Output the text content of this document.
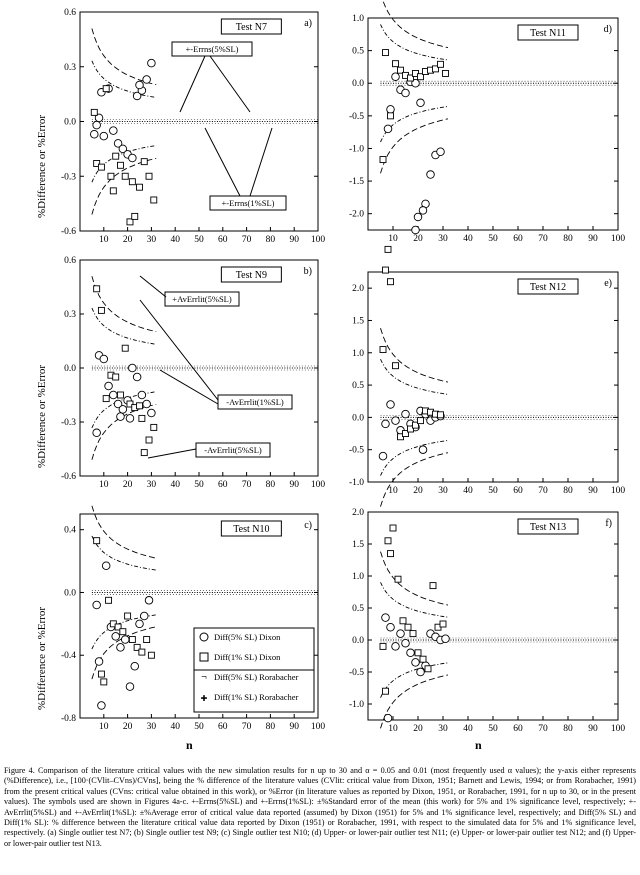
10 20 30 40 50 60 70 80 90 100
0.6
0.3
0.0
-0.3
-0.6
a)
Test N7
+-Errns(5%SL)
+-Errns(1%SL)
10 20 30 40 50 60 70 80 90 100
0.6
0.3
0.0
-0.3
-0.6
b)
Test N9
+AvErrlit(5%SL)
-AvErrlit(1%SL)
-AvErrlit(5%SL)
10 20 30 40 50 60 70 80 90 100
0.4
0.0
-0.4
-0.8
c)
Test N10
Diff(5% SL) Dixon
Diff(1% SL) Dixon
¬ Diff(5% SL) Rorabacher
✚ Diff(1% SL) Rorabacher
10 20 30 40 50 60 70 80 90 100
1.0
0.5
0.0
-0.5
-1.0
-1.5
-2.0
d)
Test N11
10 20 30 40 50 60 70 80 90 100
2.0
1.5
1.0
0.5
0.0
-0.5
-1.0
e)
Test N12
10 20 30 40 50 60 70 80 90 100
2.0
1.5
1.0
0.5
0.0
-0.5
-1.0
f)
Test N13
%Difference or %Error
%Difference or %Error
%Difference or %Error
n	n
Figure 4. Comparison of the literature critical values with the new simulation results for n up to 30 and α = 0.05 and 0.01 (most frequently used α values); the y-axis either represents (%Difference), i.e., [100·(CVlit–CVns)/CVns], being the % difference of the literature values (CVlit: critical value from Dixon, 1951; Barnett and Lewis, 1994; or from Rorabacher, 1991) from the present critical values (CVns: critical value obtained in this work), or %Error (in literature values as reported by Dixon, 1951, or Rorabacher, 1991, for n up to 30, or in the present values). The symbols used are shown in Figures 4a-c. +-Errns(5%SL) and +-Errns(1%SL): ±%Standard error of the mean (this work) for 5% and 1% significance level, respectively; +-AvErrlit(5%SL) and +-AvErrlit(1%SL): ±%Average error of critical value data reported (assumed) by Dixon (1951) for 5% and 1% significance level, respectively; and Diff(5% SL) and Diff(1% SL): % difference between the literature critical value data reported by Dixon (1951) or Rorabacher, 1991, with respect to the simulated data for 5% and 1% significance level, respectively. (a) Single outlier test N7; (b) Single outlier test N9; (c) Single outlier test N10; (d) Upper- or lower-pair outlier test N11; (e) Upper- or lower-pair outlier test N12; and (f) Upper- or lower-pair outlier test N13.
